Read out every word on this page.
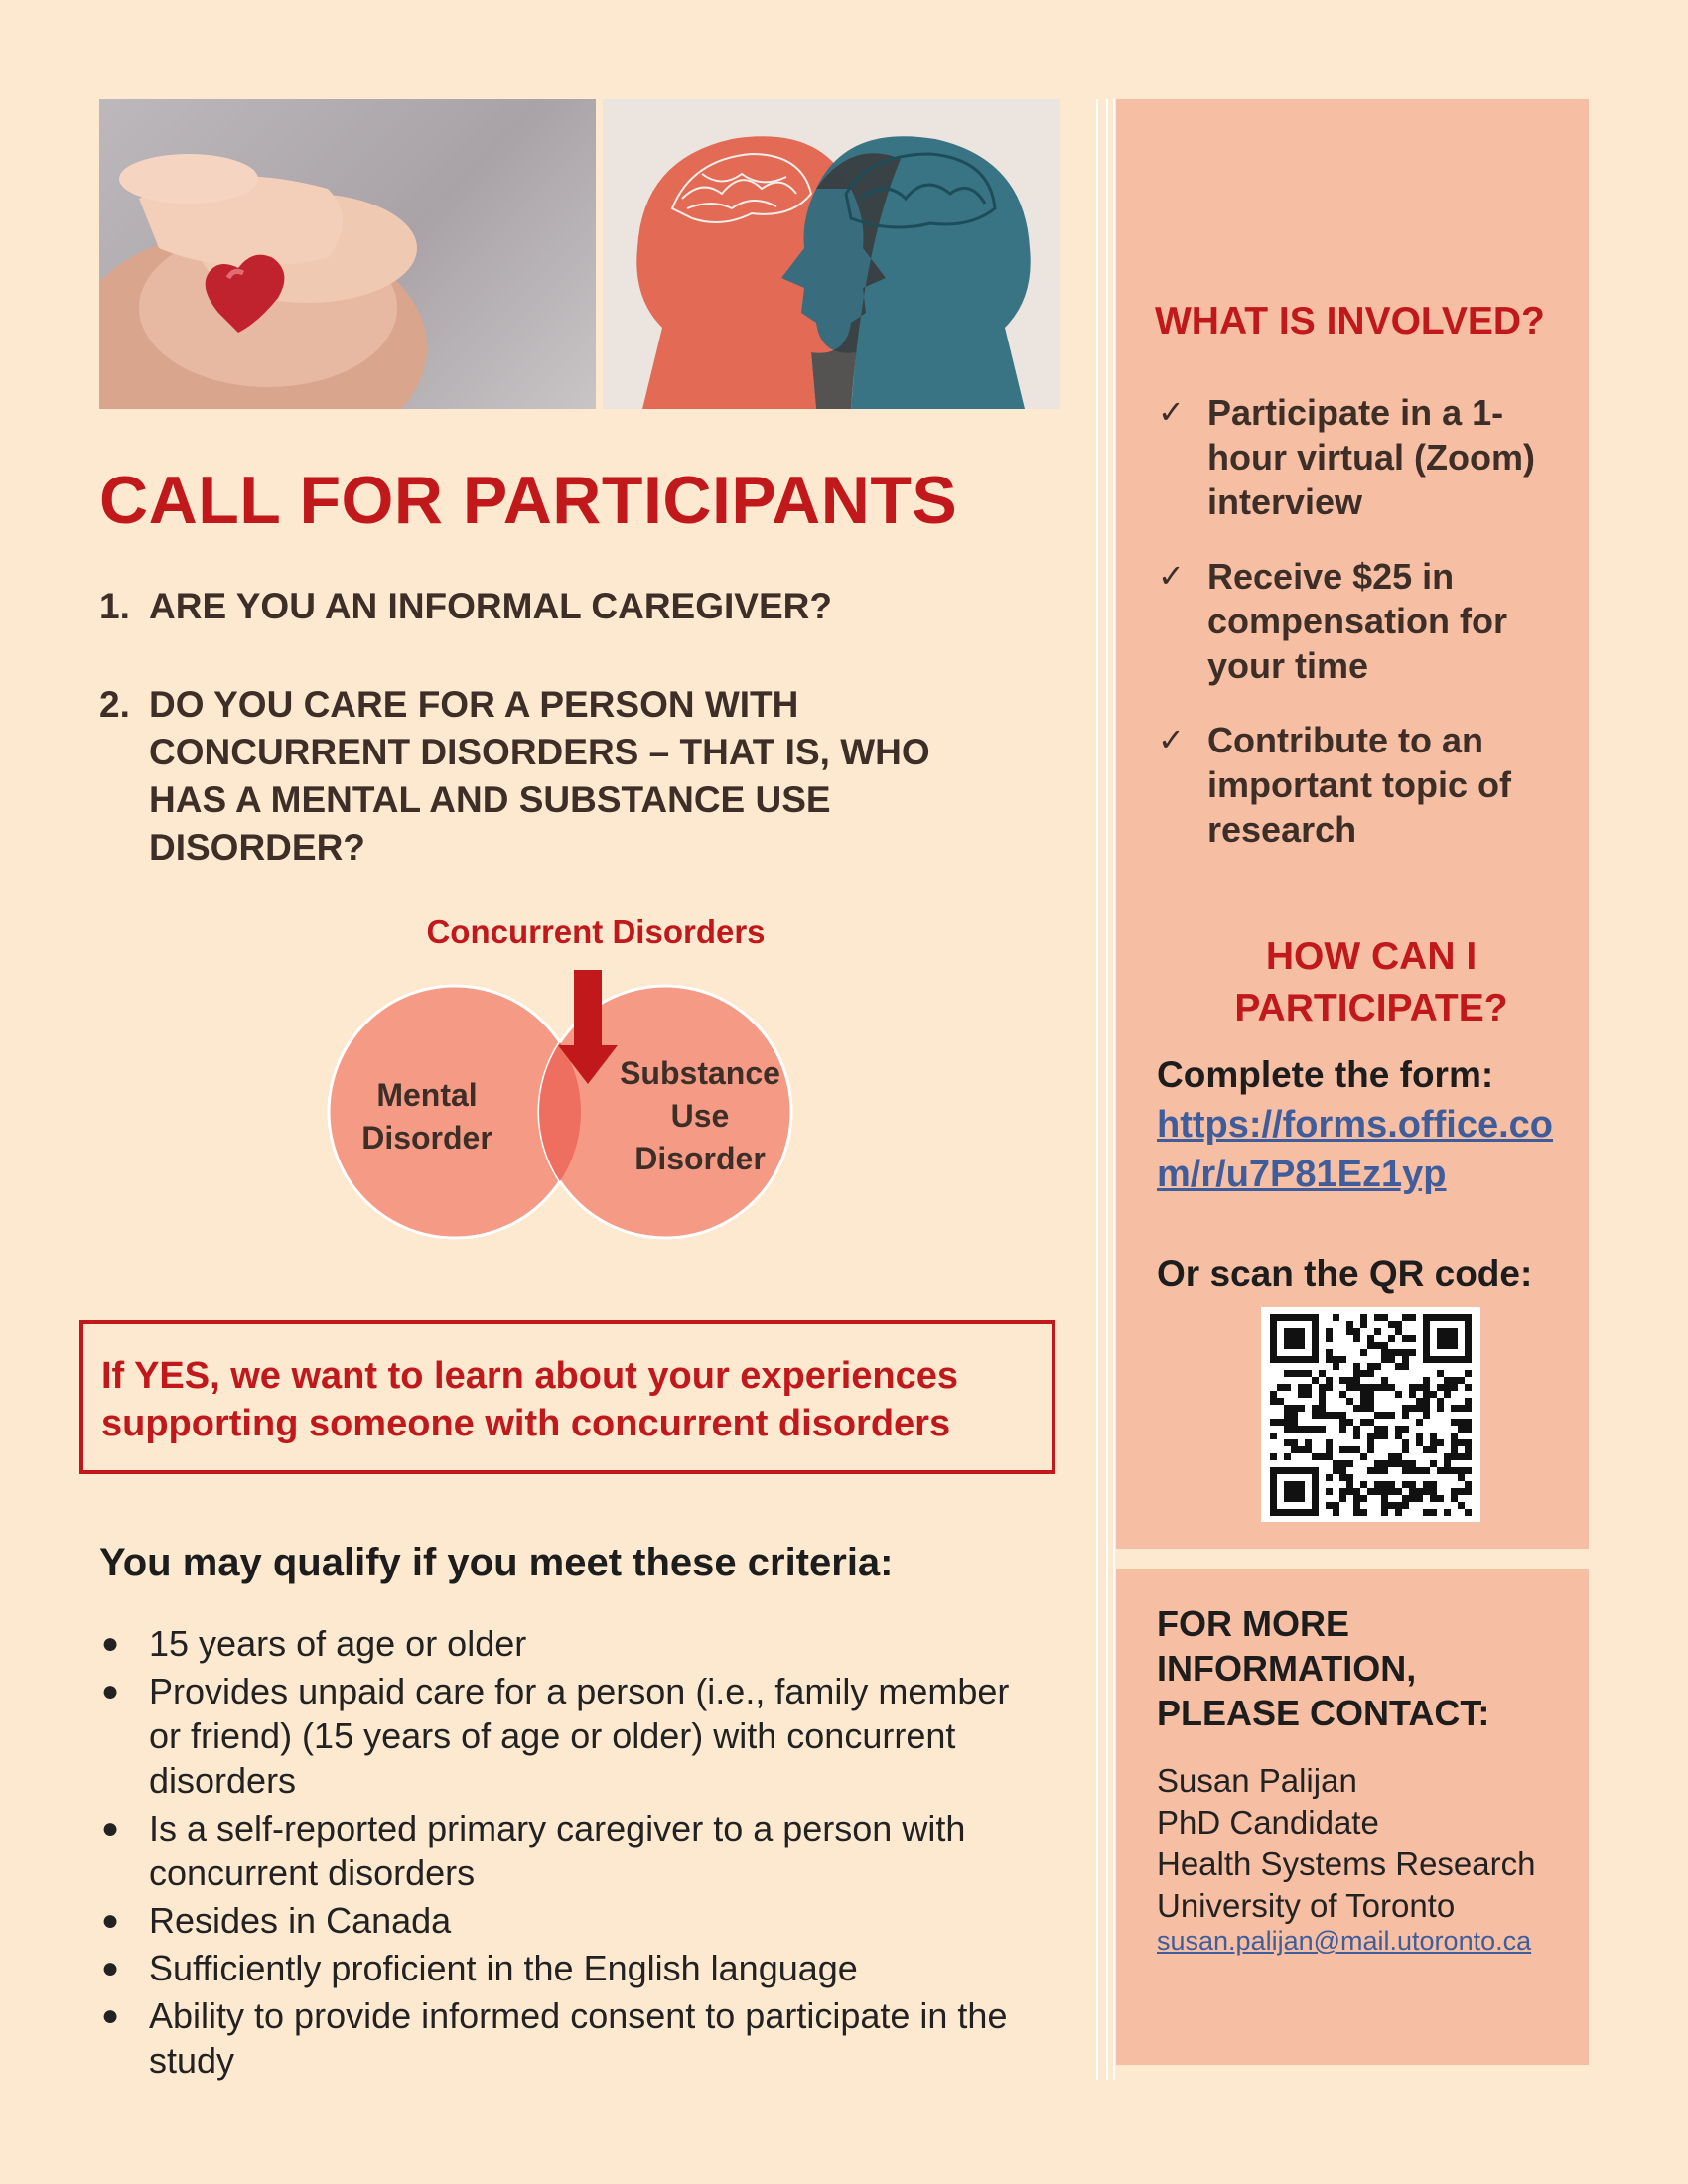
WHAT IS INVOLVED?
✓ Participate in a 1-
hour virtual (Zoom)
interview
✓ Receive $25 in
compensation for
your time
✓ Contribute to an
important topic of
research
HOW CAN I
PARTICIPATE?
Complete the form:
https://forms.office.co
m/r/u7P81Ez1yp
Or scan the QR code:
FOR MORE
INFORMATION,
PLEASE CONTACT:
Susan Palijan
PhD Candidate
Health Systems Research
University of Toronto
susan.palijan@mail.utoronto.ca
CALL FOR PARTICIPANTS
1. ARE YOU AN INFORMAL CAREGIVER?
2. DO YOU CARE FOR A PERSON WITH
CONCURRENT DISORDERS – THAT IS, WHO
HAS A MENTAL AND SUBSTANCE USE
DISORDER?
Concurrent Disorders
Mental
Disorder
Substance
Use
Disorder
If YES, we want to learn about your experiences
supporting someone with concurrent disorders
You may qualify if you meet these criteria:
● 15 years of age or older
● Provides unpaid care for a person (i.e., family member
or friend) (15 years of age or older) with concurrent
disorders
● Is a self-reported primary caregiver to a person with
concurrent disorders
● Resides in Canada
● Sufficiently proficient in the English language
● Ability to provide informed consent to participate in the
study
